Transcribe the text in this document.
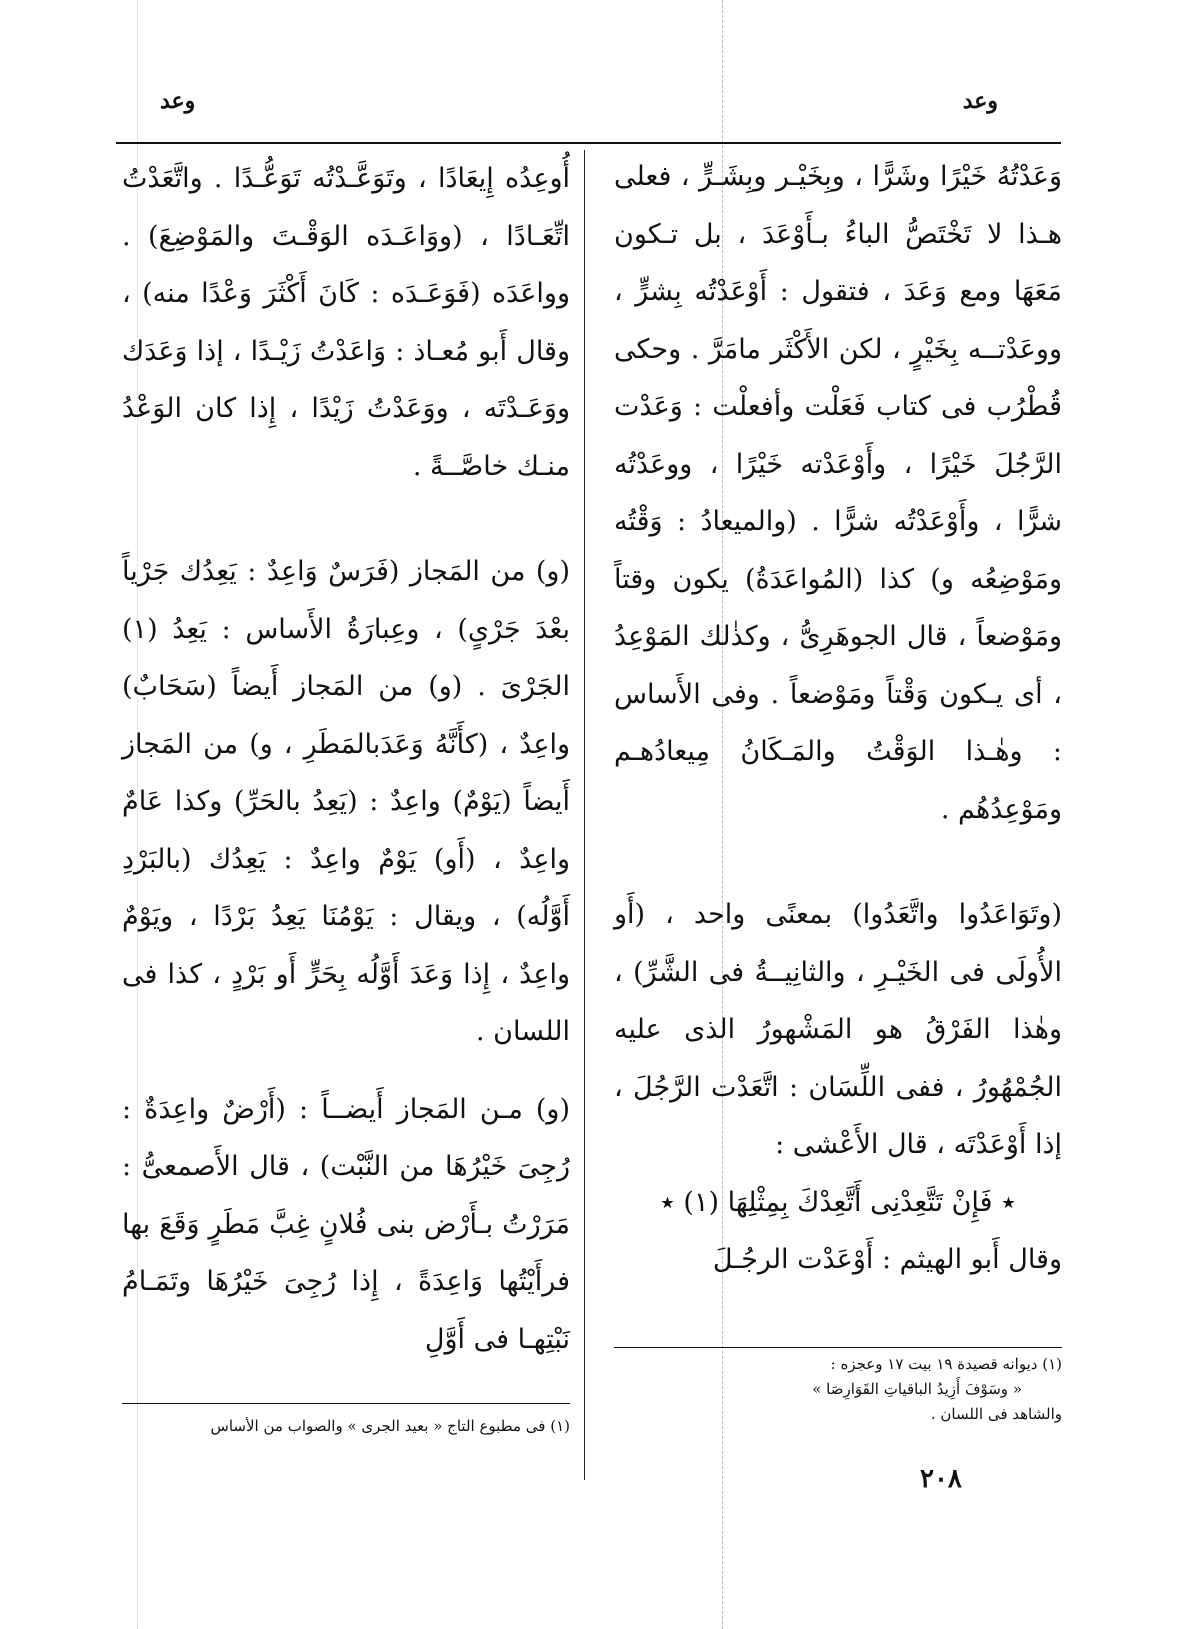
وعد
وعد

وَعَدْتُهُ خَيْرًا وشَرًّا ، وبِخَيْـر وبِشَـرٍّ ، فعلى هـذا لا تَخْتَصُّ الباءُ بـأَوْعَدَ ، بل تـكون مَعَهَا ومع وَعَدَ ، فتقول : أَوْعَدْتُه بِشرٍّ ، ووعَدْتــه بِخَيْرٍ ، لكن الأَكْثَر مامَرَّ . وحكى قُطْرُب فى كتاب فَعَلْت وأفعلْت : وَعَدْت الرَّجُلَ خَيْرًا ، وأَوْعَدْته خَيْرًا ، ووعَدْتُه شرًّا ، وأَوْعَدْتُه شرًّا . (والميعادُ : وَقْتُه ومَوْضِعُه و) كذا (المُواعَدَةُ) يكون وقتاً ومَوْضعاً ، قال الجوهَرِىُّ ، وكذٰلك المَوْعِدُ ، أى يـكون وَقْتاً ومَوْضعاً . وفى الأَساس : وهٰـذا الوَقْتُ والمَـكَانُ مِيعادُهـم ومَوْعِدُهُم .

(وتَوَاعَدُوا واتَّعَدُوا) بمعنًى واحد ، (أَو الأُولَى فى الخَيْـرِ ، والثانِيــةُ فى الشَّرِّ) ، وهٰذا الفَرْقُ هو المَشْهورُ الذى عليه الجُمْهُورُ ، ففى اللِّسَان : اتَّعَدْت الرَّجُلَ ، إذا أَوْعَدْتَه ، قال الأَعْشى :

٭ فَإِنْ تَتَّعِدْنِى أَتَّعِدْكَ بِمِثْلِهَا (١) ٭

وقال أَبو الهيثم : أَوْعَدْت الرجُـلَ

أُوعِدُه إِيعَادًا ، وتَوَعَّـدْتُه تَوَعُّـدًا . واتَّعَدْتُ اتِّعَـادًا ، (ووَاعَـدَه الوَقْـتَ والمَوْضِعَ) . وواعَدَه (فَوَعَـدَه : كَانَ أَكْثَرَ وَعْدًا منه) ، وقال أَبو مُعـاذ : وَاعَدْتُ زَيْـدًا ، إذا وَعَدَك ووَعَـدْتَه ، ووَعَدْتُ زَيْدًا ، إِذا كان الوَعْدُ منـك خاصَّــةً .

(و) من المَجاز (فَرَسٌ وَاعِدٌ : يَعِدُك جَرْياً بعْدَ جَرْىٍ) ، وعِبارَةُ الأَساس : يَعِدُ (١) الجَرْىَ . (و) من المَجاز أَيضاً (سَحَابٌ) واعِدٌ ، (كأَنَّهُ وَعَدَبالمَطَرِ ، و) من المَجاز أَيضاً (يَوْمٌ) واعِدٌ : (يَعِدُ بالحَرِّ) وكذا عَامٌ واعِدٌ ، (أَو) يَوْمٌ واعِدٌ : يَعِدُك (بالبَرْدِ أَوَّلُه) ، ويقال : يَوْمُنَا يَعِدُ بَرْدًا ، ويَوْمٌ واعِدٌ ، إِذا وَعَدَ أَوَّلُه بِحَرٍّ أَو بَرْدٍ ، كذا فى اللسان .

(و) مـن المَجاز أَيضــاً : (أَرْضٌ واعِدَةٌ : رُجِىَ خَيْرُهَا من النَّبْت) ، قال الأَصمعىُّ : مَرَرْتُ بـأَرْض بنى فُلانٍ غِبَّ مَطَرٍ وَقَعَ بها فرأَيْتُها وَاعِدَةً ، إِذا رُجِىَ خَيْرُهَا وتَمَـامُ نَبْتِهـا فى أَوَّلِ

(١) ديوانه قصيدة ١٩ بيت ١٧ وعجزه :

« وسَوْفَ أَزِيدُ الباقياتِ القَوَارِصَا »

والشاهد فى اللسان .

(١) فى مطبوع التاج « بعيد الجرى » والصواب من الأساس

٢٠٨
